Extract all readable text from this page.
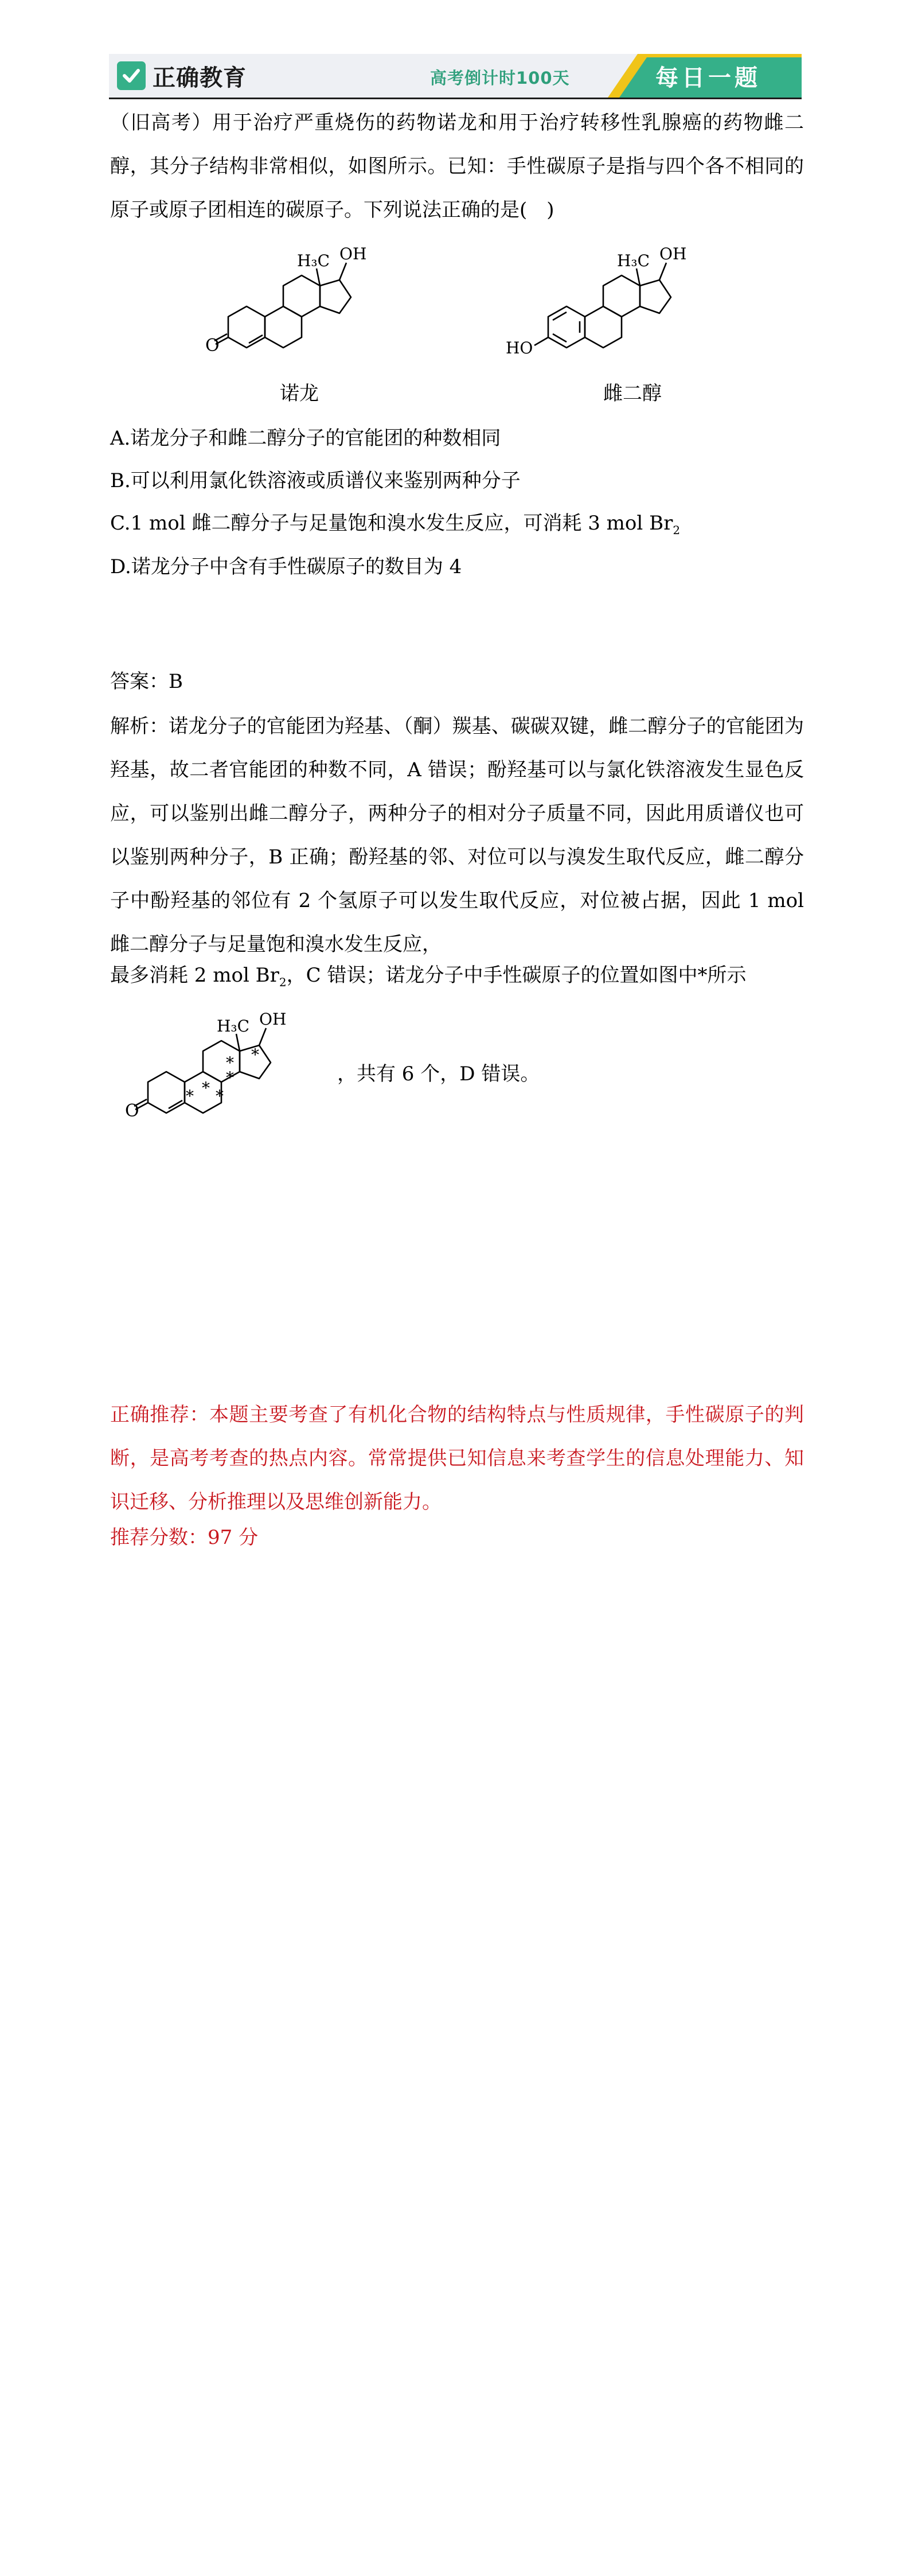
正确教育	高考倒计时100天	每日一题
（旧高考）用于治疗严重烧伤的药物诺龙和用于治疗转移性乳腺癌的药物雌二醇，其分子结构非常相似，如图所示。已知：手性碳原子是指与四个各不相同的原子或原子团相连的碳原子。下列说法正确的是(　)
O
H₃C OH
诺龙
HO
H₃C OH
雌二醇
A.诺龙分子和雌二醇分子的官能团的种数相同
B.可以利用氯化铁溶液或质谱仪来鉴别两种分子
C.1 mol 雌二醇分子与足量饱和溴水发生反应，可消耗 3 mol $Br_2$
D.诺龙分子中含有手性碳原子的数目为 4
答案：B
解析：诺龙分子的官能团为羟基、（酮）羰基、碳碳双键，雌二醇分子的官能团为羟基，故二者官能团的种数不同，A 错误；酚羟基可以与氯化铁溶液发生显色反应，可以鉴别出雌二醇分子，两种分子的相对分子质量不同，因此用质谱仪也可以鉴别两种分子，B 正确；酚羟基的邻、对位可以与溴发生取代反应，雌二醇分子中酚羟基的邻位有 2 个氢原子可以发生取代反应，对位被占据，因此 1 mol 雌二醇分子与足量饱和溴水发生反应，
最多消耗 2 mol $Br_2$，C 错误；诺龙分子中手性碳原子的位置如图中*所示
O
H₃C OH
* * *
*
*
*
，共有 6 个，D 错误。
正确推荐：本题主要考查了有机化合物的结构特点与性质规律，手性碳原子的判断，是高考考查的热点内容。常常提供已知信息来考查学生的信息处理能力、知识迁移、分析推理以及思维创新能力。
推荐分数：97 分
